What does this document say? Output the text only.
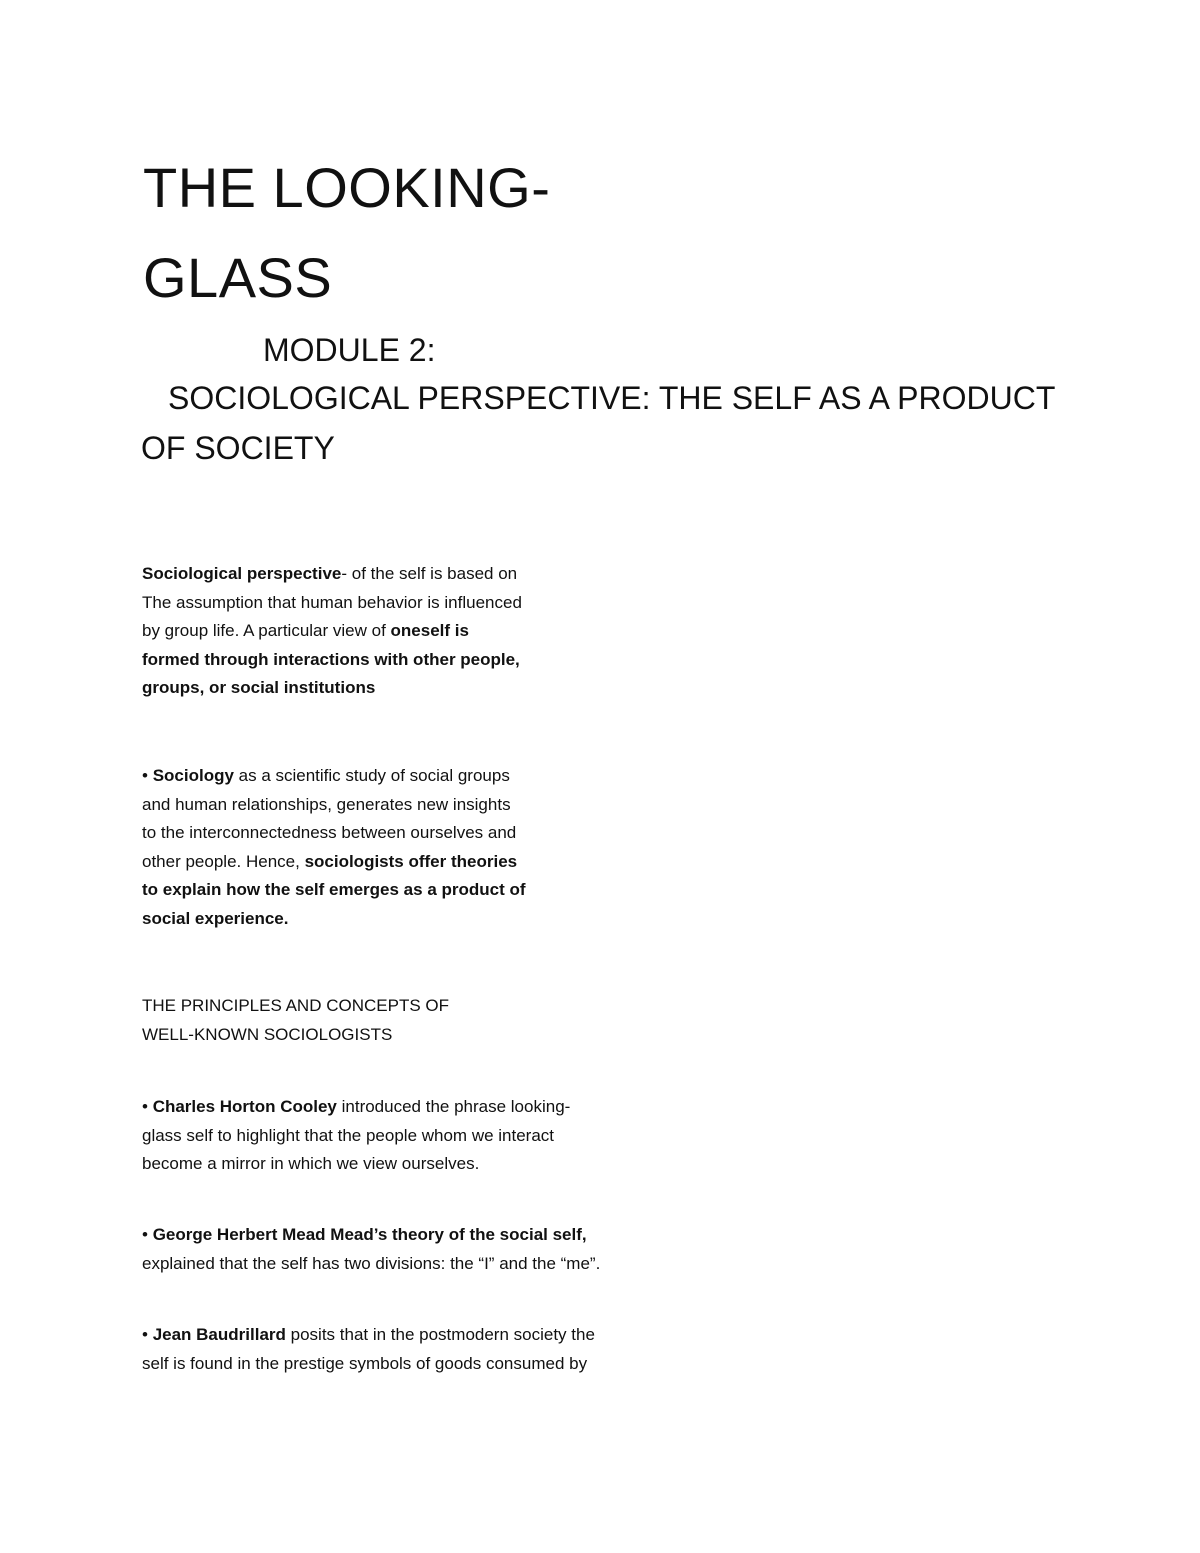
THE LOOKING-
GLASS
MODULE 2:
SOCIOLOGICAL PERSPECTIVE: THE SELF AS A PRODUCT
OF SOCIETY
Sociological perspective- of the self is based on
The assumption that human behavior is influenced
by group life. A particular view of oneself is
formed through interactions with other people,
groups, or social institutions
• Sociology as a scientific study of social groups
and human relationships, generates new insights
to the interconnectedness between ourselves and
other people. Hence, sociologists offer theories
to explain how the self emerges as a product of
social experience.
THE PRINCIPLES AND CONCEPTS OF
WELL-KNOWN SOCIOLOGISTS
• Charles Horton Cooley introduced the phrase looking-
glass self to highlight that the people whom we interact
become a mirror in which we view ourselves.
• George Herbert Mead Mead’s theory of the social self,
explained that the self has two divisions: the “I” and the “me”.
• Jean Baudrillard posits that in the postmodern society the
self is found in the prestige symbols of goods consumed by
